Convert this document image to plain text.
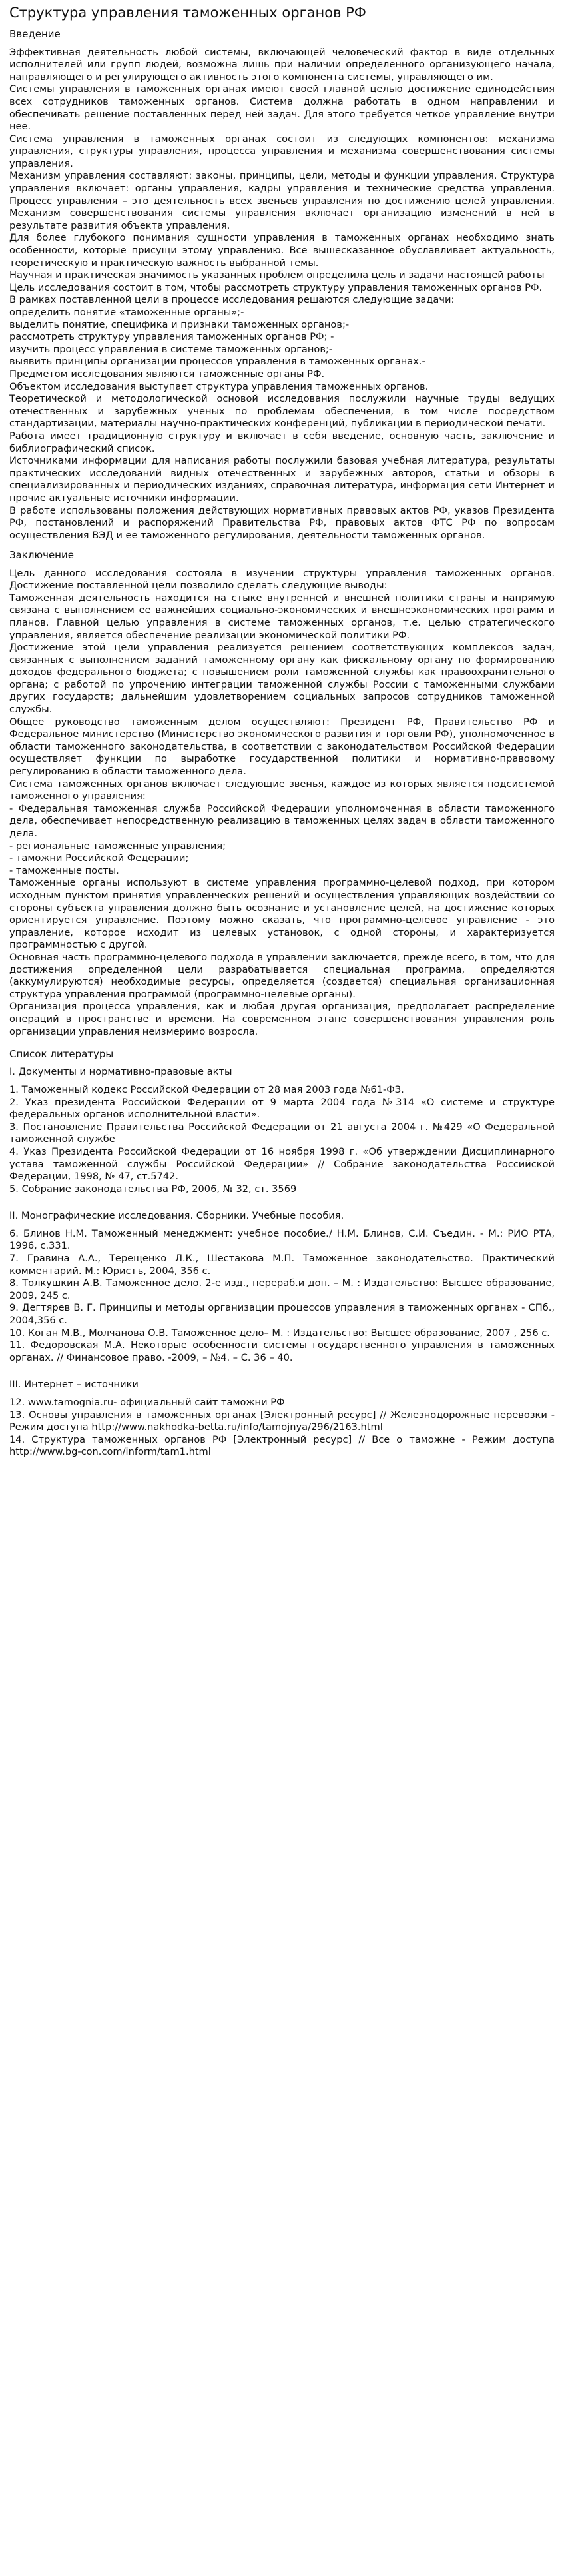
Структура управления таможенных органов РФ
Введение

Эффективная деятельность любой системы, включающей человеческий фактор в виде отдельных исполнителей или групп людей, возможна лишь при наличии определенного организующего начала, направляющего и регулирующего активность этого компонента системы, управляющего им.

Системы управления в таможенных органах имеют своей главной целью достижение единодействия всех сотрудников таможенных органов. Система должна работать в одном направлении и обеспечивать решение поставленных перед ней задач. Для этого требуется четкое управление внутри нее.

Система управления в таможенных органах состоит из следующих компонентов: механизма управления, структуры управления, процесса управления и механизма совершенствования системы управления.

Механизм управления составляют: законы, принципы, цели, методы и функции управления. Структура управления включает: органы управления, кадры управления и технические средства управления. Процесс управления – это деятельность всех звеньев управления по достижению целей управления. Механизм совершенствования системы управления включает организацию изменений в ней в результате развития объекта управления.

Для более глубокого понимания сущности управления в таможенных органах необходимо знать особенности, которые присущи этому управлению. Все вышесказанное обуславливает актуальность, теоретическую и практическую важность выбранной темы.

Научная и практическая значимость указанных проблем определила цель и задачи настоящей работы

Цель исследования состоит в том, чтобы рассмотреть структуру управления таможенных органов РФ.

В рамках поставленной цели в процессе исследования решаются следующие задачи:

определить понятие «таможенные органы»;-

выделить понятие, специфика и признаки таможенных органов;-

рассмотреть структуру управления таможенных органов РФ; -

изучить процесс управления в системе таможенных органов;-

выявить принципы организации процессов управления в таможенных органах.-

Предметом исследования являются таможенные органы РФ.

Объектом исследования выступает структура управления таможенных органов.

Теоретической и методологической основой исследования послужили научные труды ведущих отечественных и зарубежных ученых по проблемам обеспечения, в том числе посредством стандартизации, материалы научно-практических конференций, публикации в периодической печати.

Работа имеет традиционную структуру и включает в себя введение, основную часть, заключение и библиографический список.

Источниками информации для написания работы послужили базовая учебная литература, результаты практических исследований видных отечественных и зарубежных авторов, статьи и обзоры в специализированных и периодических изданиях, справочная литература, информация сети Интернет и прочие актуальные источники информации.

В работе использованы положения действующих нормативных правовых актов РФ, указов Президента РФ, постановлений и распоряжений Правительства РФ, правовых актов ФТС РФ по вопросам осуществления ВЭД и ее таможенного регулирования, деятельности таможенных органов.

Заключение

Цель данного исследования состояла в изучении структуры управления таможенных органов. Достижение поставленной цели позволило сделать следующие выводы:

Таможенная деятельность находится на стыке внутренней и внешней политики страны и напрямую связана с выполнением ее важнейших социально-экономических и внешнеэкономических программ и планов. Главной целью управления в системе таможенных органов, т.е. целью стратегического управления, является обеспечение реализации экономической политики РФ.

Достижение этой цели управления реализуется решением соответствующих комплексов задач, связанных с выполнением заданий таможенному органу как фискальному органу по формированию доходов федерального бюджета; с повышением роли таможенной службы как правоохранительного органа; с работой по упрочению интеграции таможенной службы России с таможенными службами других государств; дальнейшим удовлетворением социальных запросов сотрудников таможенной службы.

Общее руководство таможенным делом осуществляют: Президент РФ, Правительство РФ и Федеральное министерство (Министерство экономического развития и торговли РФ), уполномоченное в области таможенного законодательства, в соответствии с законодательством Российской Федерации осуществляет функции по выработке государственной политики и нормативно-правовому регулированию в области таможенного дела.

Система таможенных органов включает следующие звенья, каждое из которых является подсистемой таможенного управления:

- Федеральная таможенная служба Российской Федерации уполномоченная в области таможенного дела, обеспечивает непосредственную реализацию в таможенных целях задач в области таможенного дела.

- региональные таможенные управления;

- таможни Российской Федерации;

- таможенные посты.

Таможенные органы используют в системе управления программно-целевой подход, при котором исходным пунктом принятия управленческих решений и осуществления управляющих воздействий со стороны субъекта управления должно быть осознание и установление целей, на достижение которых ориентируется управление. Поэтому можно сказать, что программно-целевое управление - это управление, которое исходит из целевых установок, с одной стороны, и характеризуется программностью с другой.

Основная часть программно-целевого подхода в управлении заключается, прежде всего, в том, что для достижения определенной цели разрабатывается специальная программа, определяются (аккумулируются) необходимые ресурсы, определяется (создается) специальная организационная структура управления программой (программно-целевые органы).

Организация процесса управления, как и любая другая организация, предполагает распределение операций в пространстве и времени. На современном этапе совершенствования управления роль организации управления неизмеримо возросла.

Список литературы

I. Документы и нормативно-правовые акты

1. Таможенный кодекс Российской Федерации от 28 мая 2003 года №61-ФЗ.

2. Указ президента Российской Федерации от 9 марта 2004 года №314 «О системе и структуре федеральных органов исполнительной власти».

3. Постановление Правительства Российской Федерации от 21 августа 2004 г. №429 «О Федеральной таможенной службе

4. Указ Президента Российской Федерации от 16 ноября 1998 г. «Об утверждении Дисциплинарного устава таможенной службы Российской Федерации» // Собрание законодательства Российской Федерации, 1998, № 47, ст.5742.

5. Собрание законодательства РФ, 2006, № 32, ст. 3569

II. Монографические исследования. Сборники. Учебные пособия.

6. Блинов Н.М. Таможенный менеджмент: учебное пособие./ Н.М. Блинов, С.И. Съедин. - М.: РИО РТА, 1996, с.331.

7. Гравина А.А., Терещенко Л.К., Шестакова М.П. Таможенное законодательство. Практический комментарий. М.: Юристъ, 2004, 356 с.

8. Толкушкин А.В. Таможенное дело. 2-е изд., перераб.и доп. – М. : Издательство: Высшее образование, 2009, 245 с.

9. Дегтярев В. Г. Принципы и методы организации процессов управления в таможенных органах - СПб., 2004,356 с.

10. Коган М.В., Молчанова О.В. Таможенное дело– М. : Издательство: Высшее образование, 2007 , 256 с.

11. Федоровская М.А. Некоторые особенности системы государственного управления в таможенных органах. // Финансовое право. -2009, – №4. – С. 36 – 40.

III. Интернет – источники

12. www.tamognia.ru- официальный сайт таможни РФ

13. Основы управления в таможенных органах [Электронный ресурс] // Железнодорожные перевозки - Режим доступа http://www.nakhodka-betta.ru/info/tamojnya/296/2163.html

14. Структура таможенных органов РФ [Электронный ресурс] // Все о таможне - Режим доступа http://www.bg-con.com/inform/tam1.html
